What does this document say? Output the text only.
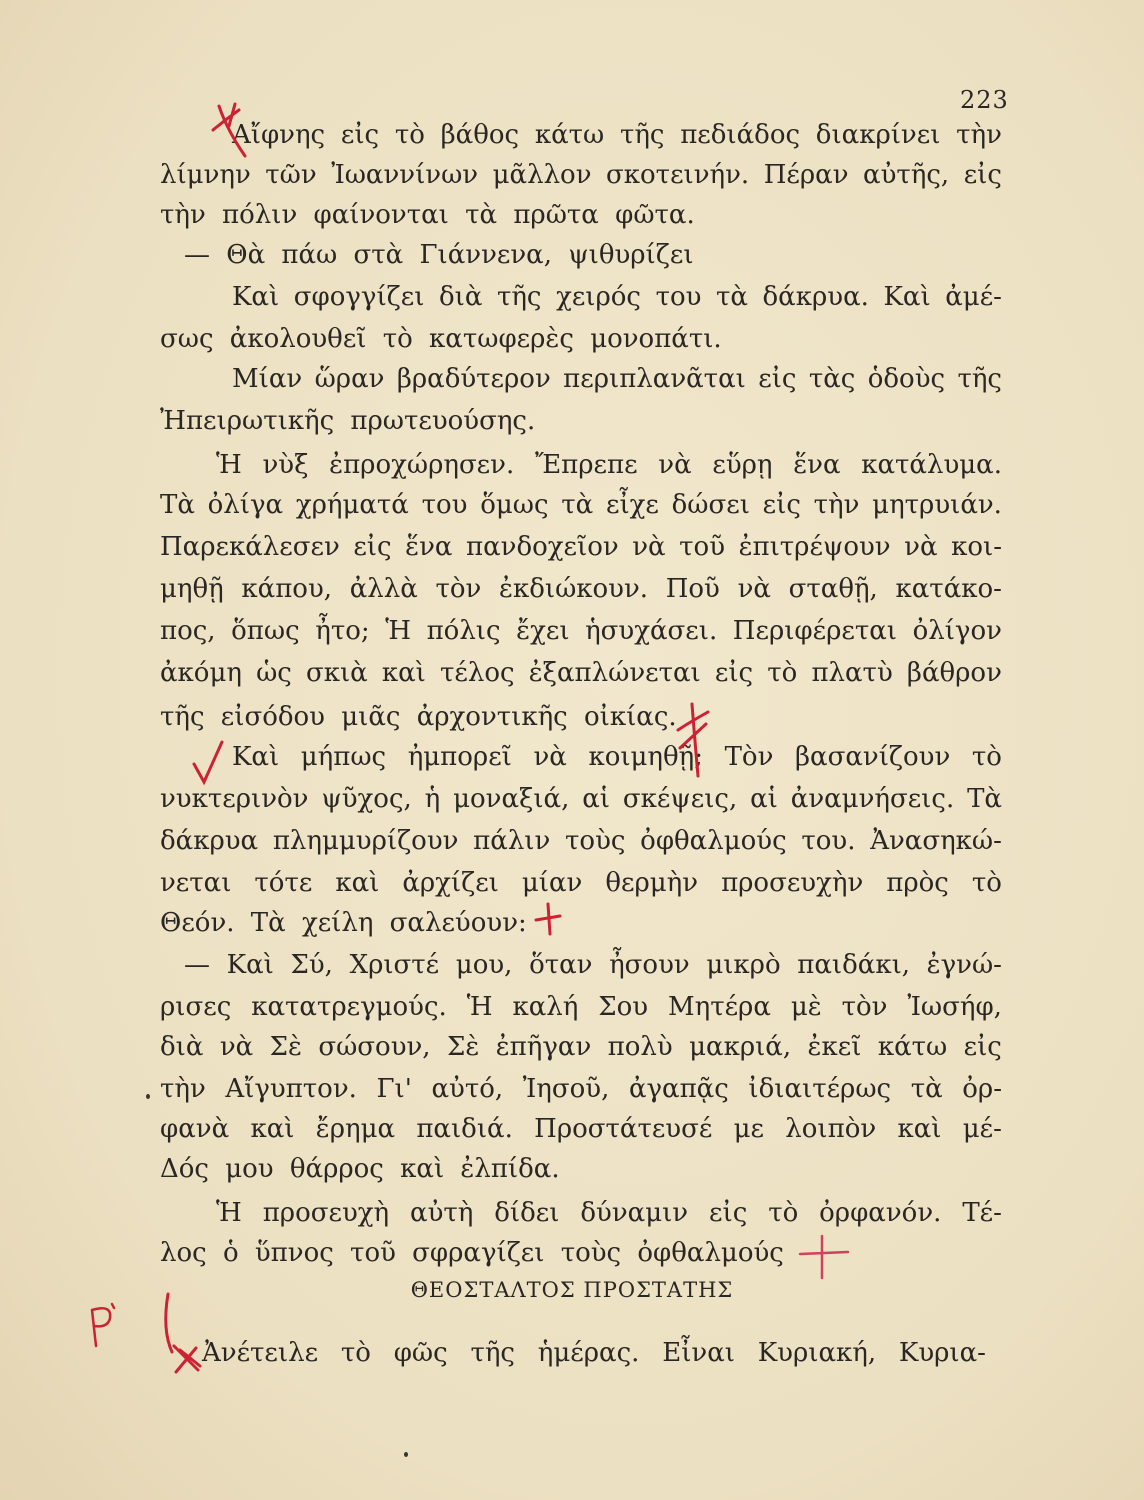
223
Αἴφνης εἰς τὸ βάθος κάτω τῆς πεδιάδος διακρίνει τὴν
λίμνην τῶν Ἰωαννίνων μᾶλλον σκοτεινήν. Πέραν αὐτῆς, εἰς
τὴν πόλιν φαίνονται τὰ πρῶτα φῶτα.
— Θὰ πάω στὰ Γιάννενα, ψιθυρίζει
Καὶ σφογγίζει διὰ τῆς χειρός του τὰ δάκρυα. Καὶ ἀμέ-
σως ἀκολουθεῖ τὸ κατωφερὲς μονοπάτι.
Μίαν ὥραν βραδύτερον περιπλανᾶται εἰς τὰς ὁδοὺς τῆς
Ἠπειρωτικῆς πρωτευούσης.
Ἡ νὺξ ἐπροχώρησεν. Ἔπρεπε νὰ εὕρῃ ἕνα κατάλυμα.
Τὰ ὀλίγα χρήματά του ὅμως τὰ εἶχε δώσει εἰς τὴν μητρυιάν.
Παρεκάλεσεν εἰς ἕνα πανδοχεῖον νὰ τοῦ ἐπιτρέψουν νὰ κοι-
μηθῇ κάπου, ἀλλὰ τὸν ἐκδιώκουν. Ποῦ νὰ σταθῇ, κατάκο-
πος, ὅπως ἦτο; Ἡ πόλις ἔχει ἡσυχάσει. Περιφέρεται ὀλίγον
ἀκόμη ὡς σκιὰ καὶ τέλος ἐξαπλώνεται εἰς τὸ πλατὺ βάθρον
τῆς εἰσόδου μιᾶς ἀρχοντικῆς οἰκίας.
Καὶ μήπως ἠμπορεῖ νὰ κοιμηθῇ; Τὸν βασανίζουν τὸ
νυκτερινὸν ψῦχος, ἡ μοναξιά, αἱ σκέψεις, αἱ ἀναμνήσεις. Τὰ
δάκρυα πλημμυρίζουν πάλιν τοὺς ὀφθαλμούς του. Ἀνασηκώ-
νεται τότε καὶ ἀρχίζει μίαν θερμὴν προσευχὴν πρὸς τὸ
Θεόν. Τὰ χείλη σαλεύουν:
— Καὶ Σύ, Χριστέ μου, ὅταν ἦσουν μικρὸ παιδάκι, ἐγνώ-
ρισες κατατρεγμούς. Ἡ καλή Σου Μητέρα μὲ τὸν Ἰωσήφ,
διὰ νὰ Σὲ σώσουν, Σὲ ἐπῆγαν πολὺ μακριά, ἐκεῖ κάτω εἰς
τὴν Αἴγυπτον. Γι' αὐτό, Ἰησοῦ, ἀγαπᾷς ἰδιαιτέρως τὰ ὀρ-
φανὰ καὶ ἔρημα παιδιά. Προστάτευσέ με λοιπὸν καὶ μέ-
Δός μου θάρρος καὶ ἐλπίδα.
Ἡ προσευχὴ αὐτὴ δίδει δύναμιν εἰς τὸ ὀρφανόν. Τέ-
λος ὁ ὕπνος τοῦ σφραγίζει τοὺς ὀφθαλμούς
Ἀνέτειλε τὸ φῶς τῆς ἡμέρας. Εἶναι Κυριακή, Κυρια-
ΘΕΟΣΤΑΛΤΟΣ ΠΡΟΣΤΑΤΗΣ
